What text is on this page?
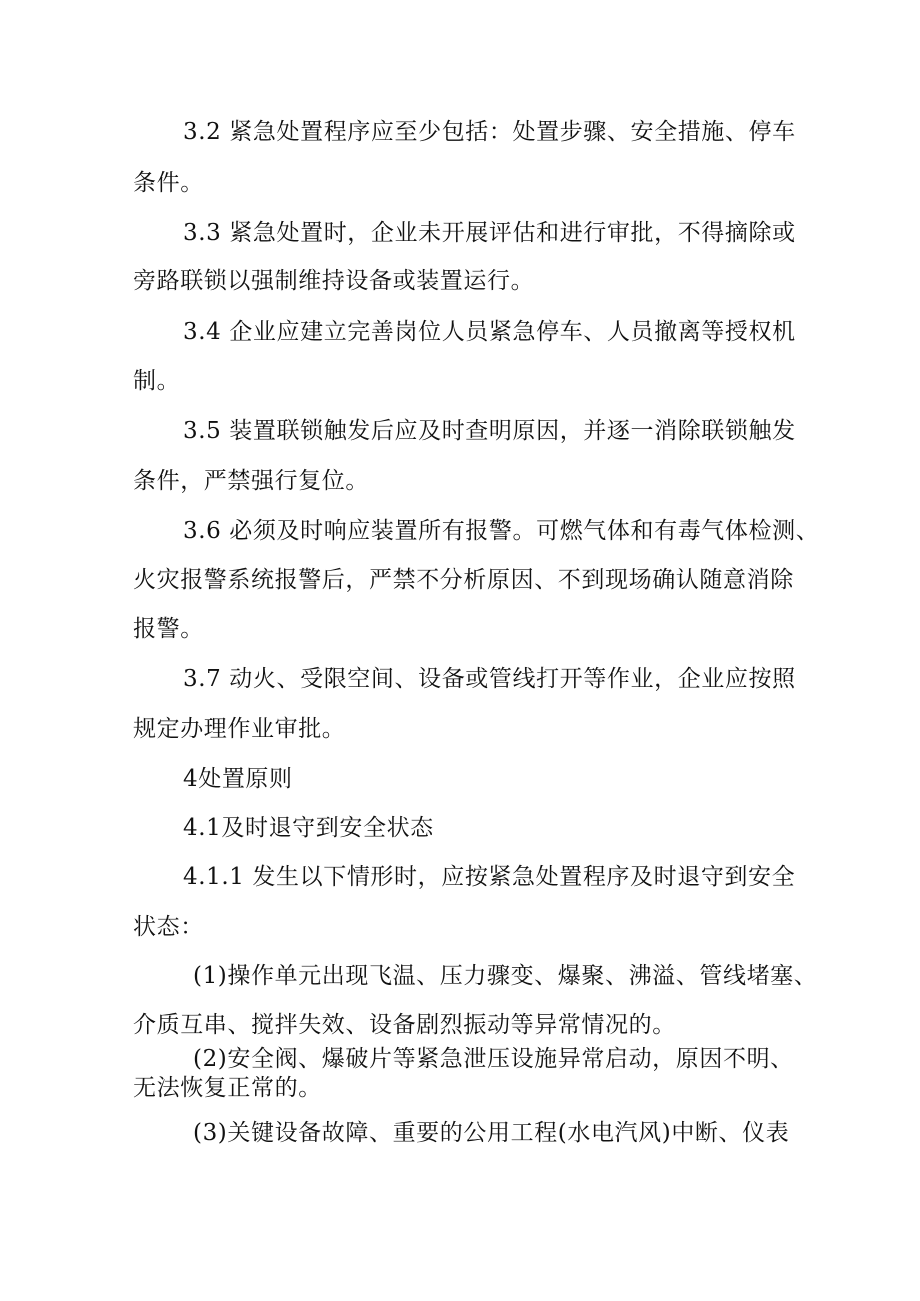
3.2 紧急处置程序应至少包括：处置步骤、安全措施、停车
条件。
3.3 紧急处置时，企业未开展评估和进行审批，不得摘除或
旁路联锁以强制维持设备或装置运行。
3.4 企业应建立完善岗位人员紧急停车、人员撤离等授权机
制。
3.5 装置联锁触发后应及时查明原因，并逐一消除联锁触发
条件，严禁强行复位。
3.6 必须及时响应装置所有报警。可燃气体和有毒气体检测、
火灾报警系统报警后，严禁不分析原因、不到现场确认随意消除
报警。
3.7 动火、受限空间、设备或管线打开等作业，企业应按照
规定办理作业审批。
4处置原则
4.1及时退守到安全状态
4.1.1 发生以下情形时，应按紧急处置程序及时退守到安全
状态：
(1)操作单元出现飞温、压力骤变、爆聚、沸溢、管线堵塞、
介质互串、搅拌失效、设备剧烈振动等异常情况的。
(2)安全阀、爆破片等紧急泄压设施异常启动，原因不明、
无法恢复正常的。
(3)关键设备故障、重要的公用工程(水电汽风)中断、仪表
